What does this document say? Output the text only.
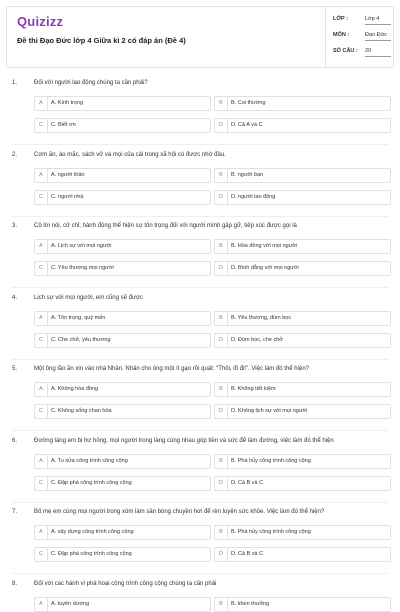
Quizizz
Đề thi Đạo Đức lớp 4 Giữa kì 2 có đáp án (Đề 4)
LỚP :	Lớp 4
MÔN :	Đạo Đức
SỐ CÂU : 20
1.	Đối với người lao động chúng ta cần phải?
A	A. Kính trọng	B	B. Coi thường
C	C. Biết ơn	D	D. Cả A và C
2.	Cơm ăn, áo mặc, sách vở và mọi của cải trong xã hội có được nhờ đâu.
A	A. người thân	B	B. người bạn
C	C. người nhà	D	D. người lao động
3.	Cô lời nói, cử chỉ, hành động thể hiện sự tôn trọng đối với người mình gặp gỡ, tiếp xúc được gọi là
A	A. Lịch sự với mọi người	B	B. Hòa đồng với mọi người
C	C. Yêu thương mọi người	D	D. Bình đẳng với mọi người
4.	Lịch sự với mọi người, em cũng sẽ được
A	A. Tôn trọng, quý mến	B	B. Yêu thương, đùm bọc
C	C. Che chở, yêu thương	D	D. Đùm bọc, che chở
5.	Một ông lão ăn xin vào nhà Nhân. Nhân cho ông một ít gạo rồi quát: "Thôi, đi đi!". Việc làm đó thể hiện?
A	A. Không hòa đồng	B	B. Không tiết kiệm
C	C. Không sống chan hòa	D	D. Không lịch sự với mọi người
6.	Đường làng em bị hư hỏng, mọi người trong làng cùng nhau góp tiền và sức để làm đường, việc làm đó thể hiện
A	A. Tu sửa công trình công cộng	B	B. Phá hủy công trình công cộng
C	C. Đập phá công trình công cộng	D	D. Cả B và C
7.	Bố mẹ em cùng mọi người trong xóm làm sân bóng chuyền hơi để rèn luyện sức khỏe. Việc làm đó thể hiện?
A	A. xây dựng công trình công cộng	B	B. Phá hủy công trình công cộng
C	C. Đập phá công trình công cộng	D	D. Cả B và C
8.	Đối với các hành vi phá hoại công trình công cộng chúng ta cần phải
A	A. tuyên dương	B	B. khen thưởng
